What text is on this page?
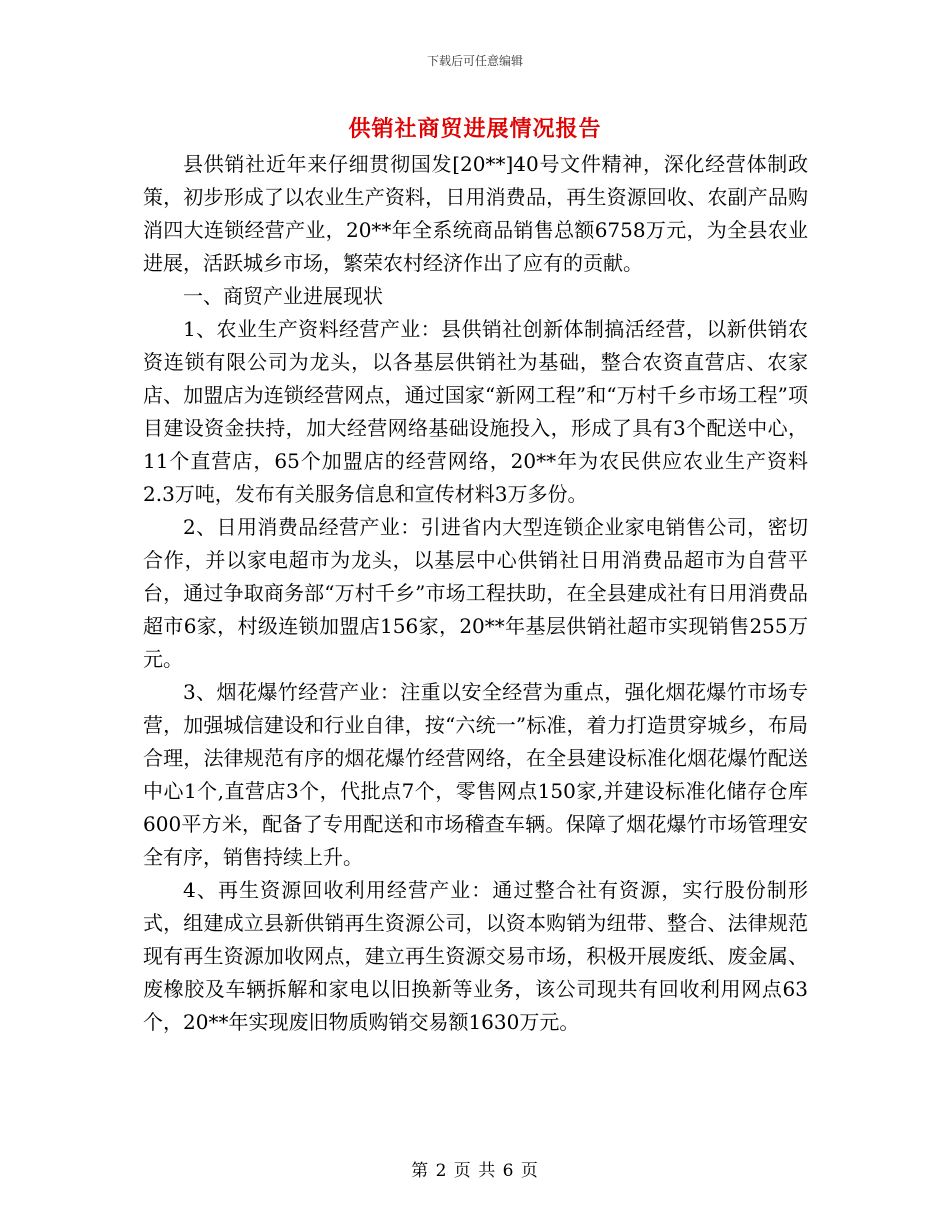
下载后可任意编辑
供销社商贸进展情况报告

县供销社近年来仔细贯彻国发[20**]40号文件精神，深化经营体制政策，初步形成了以农业生产资料，日用消费品，再生资源回收、农副产品购消四大连锁经营产业，20**年全系统商品销售总额6758万元，为全县农业进展，活跃城乡市场，繁荣农村经济作出了应有的贡献。

一、商贸产业进展现状

1、农业生产资料经营产业：县供销社创新体制搞活经营，以新供销农资连锁有限公司为龙头，以各基层供销社为基础，整合农资直营店、农家店、加盟店为连锁经营网点，通过国家“新网工程”和“万村千乡市场工程”项目建设资金扶持，加大经营网络基础设施投入，形成了具有3个配送中心，11个直营店，65个加盟店的经营网络，20**年为农民供应农业生产资料2.3万吨，发布有关服务信息和宣传材料3万多份。

2、日用消费品经营产业：引进省内大型连锁企业家电销售公司，密切合作，并以家电超市为龙头，以基层中心供销社日用消费品超市为自营平台，通过争取商务部“万村千乡”市场工程扶助，在全县建成社有日用消费品超市6家，村级连锁加盟店156家，20**年基层供销社超市实现销售255万元。

3、烟花爆竹经营产业：注重以安全经营为重点，强化烟花爆竹市场专营，加强城信建设和行业自律，按“六统一”标准，着力打造贯穿城乡，布局合理，法律规范有序的烟花爆竹经营网络，在全县建设标准化烟花爆竹配送中心1个,直营店3个，代批点7个，零售网点150家,并建设标准化储存仓库600平方米，配备了专用配送和市场稽查车辆。保障了烟花爆竹市场管理安全有序，销售持续上升。

4、再生资源回收利用经营产业：通过整合社有资源，实行股份制形式，组建成立县新供销再生资源公司，以资本购销为纽带、整合、法律规范现有再生资源加收网点，建立再生资源交易市场，积极开展废纸、废金属、废橡胶及车辆拆解和家电以旧换新等业务，该公司现共有回收利用网点63个，20**年实现废旧物质购销交易额1630万元。

第 2 页 共 6 页
